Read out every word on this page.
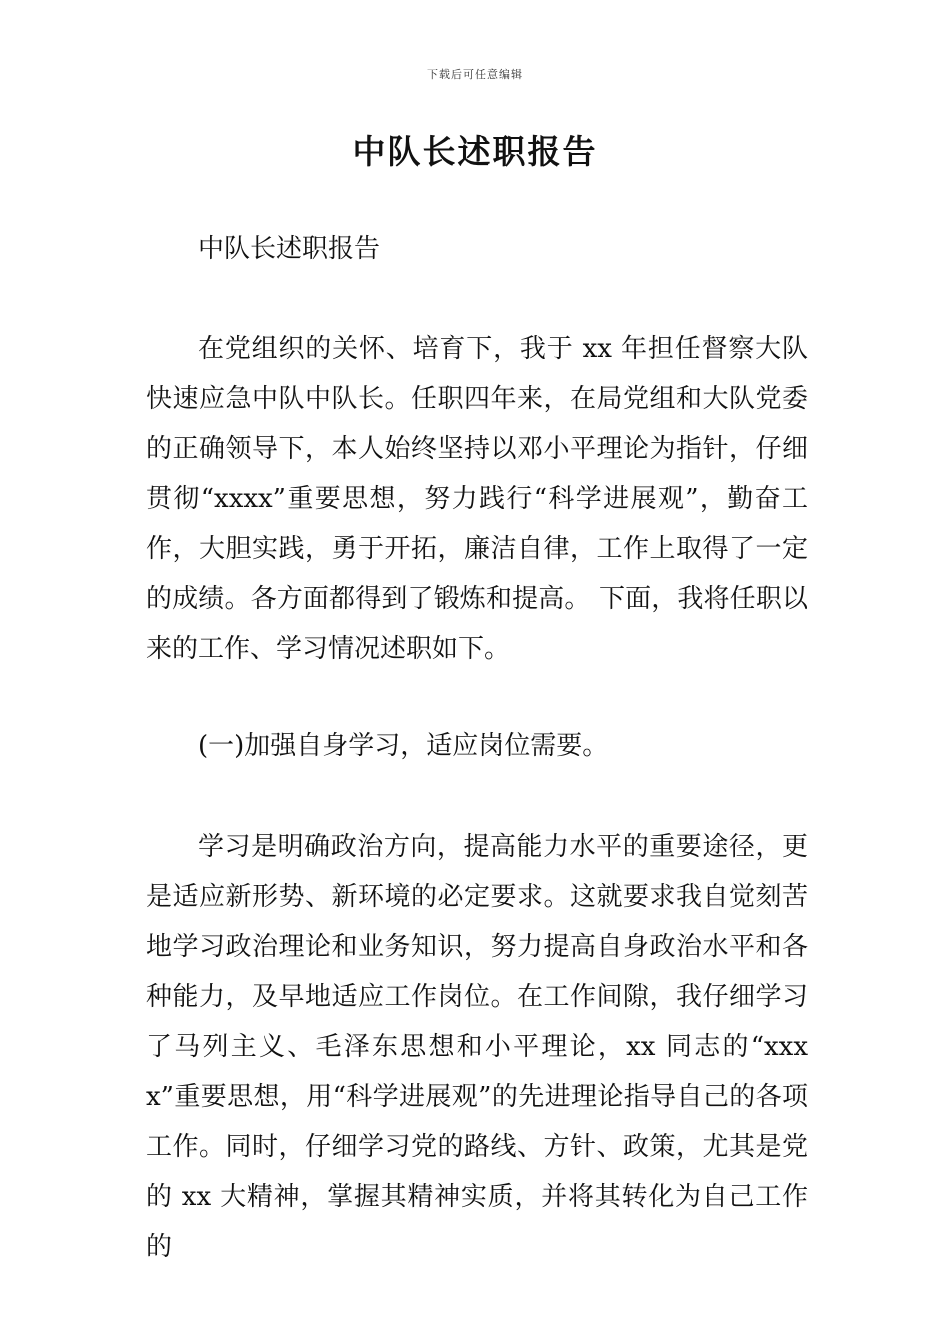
下载后可任意编辑
中队长述职报告

中队长述职报告

在党组织的关怀、培育下，我于 xx 年担任督察大队快速应急中队中队长。任职四年来，在局党组和大队党委的正确领导下，本人始终坚持以邓小平理论为指针，仔细贯彻“xxxx”重要思想，努力践行“科学进展观”，勤奋工作，大胆实践，勇于开拓，廉洁自律，工作上取得了一定的成绩。各方面都得到了锻炼和提高。 下面，我将任职以来的工作、学习情况述职如下。

(一)加强自身学习，适应岗位需要。

学习是明确政治方向，提高能力水平的重要途径，更是适应新形势、新环境的必定要求。这就要求我自觉刻苦地学习政治理论和业务知识，努力提高自身政治水平和各种能力，及早地适应工作岗位。在工作间隙，我仔细学习了马列主义、毛泽东思想和小平理论，xx 同志的“xxxx”重要思想，用“科学进展观”的先进理论指导自己的各项工作。同时，仔细学习党的路线、方针、政策，尤其是党的 xx 大精神，掌握其精神实质，并将其转化为自己工作的
